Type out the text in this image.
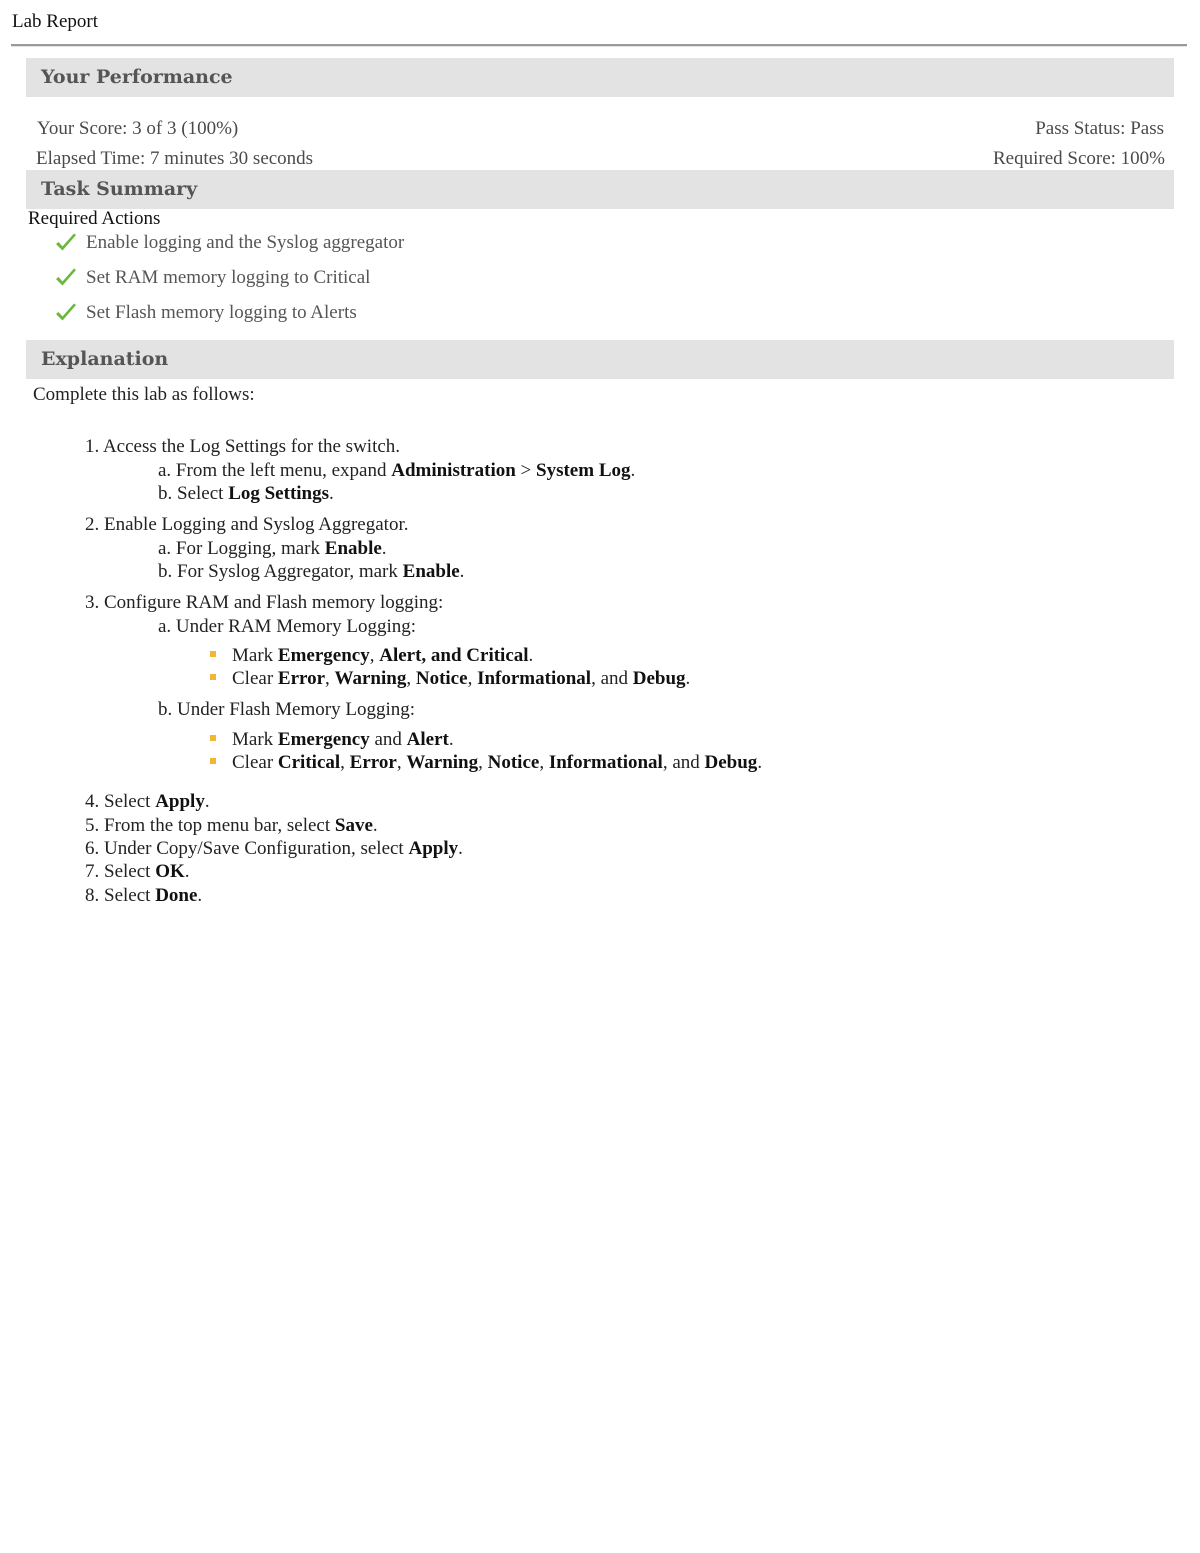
Lab Report
Your Performance
Your Score: 3 of 3 (100%)
Elapsed Time: 7 minutes 30 seconds
Pass Status: Pass
Required Score: 100%
Task Summary
Required Actions
Enable logging and the Syslog aggregator
Set RAM memory logging to Critical
Set Flash memory logging to Alerts
Explanation
Complete this lab as follows:
1. Access the Log Settings for the switch.
a. From the left menu, expand Administration > System Log.
b. Select Log Settings.
2. Enable Logging and Syslog Aggregator.
a. For Logging, mark Enable.
b. For Syslog Aggregator, mark Enable.
3. Configure RAM and Flash memory logging:
a. Under RAM Memory Logging:
Mark Emergency, Alert, and Critical.
Clear Error, Warning, Notice, Informational, and Debug.
b. Under Flash Memory Logging:
Mark Emergency and Alert.
Clear Critical, Error, Warning, Notice, Informational, and Debug.
4. Select Apply.
5. From the top menu bar, select Save.
6. Under Copy/Save Configuration, select Apply.
7. Select OK.
8. Select Done.
